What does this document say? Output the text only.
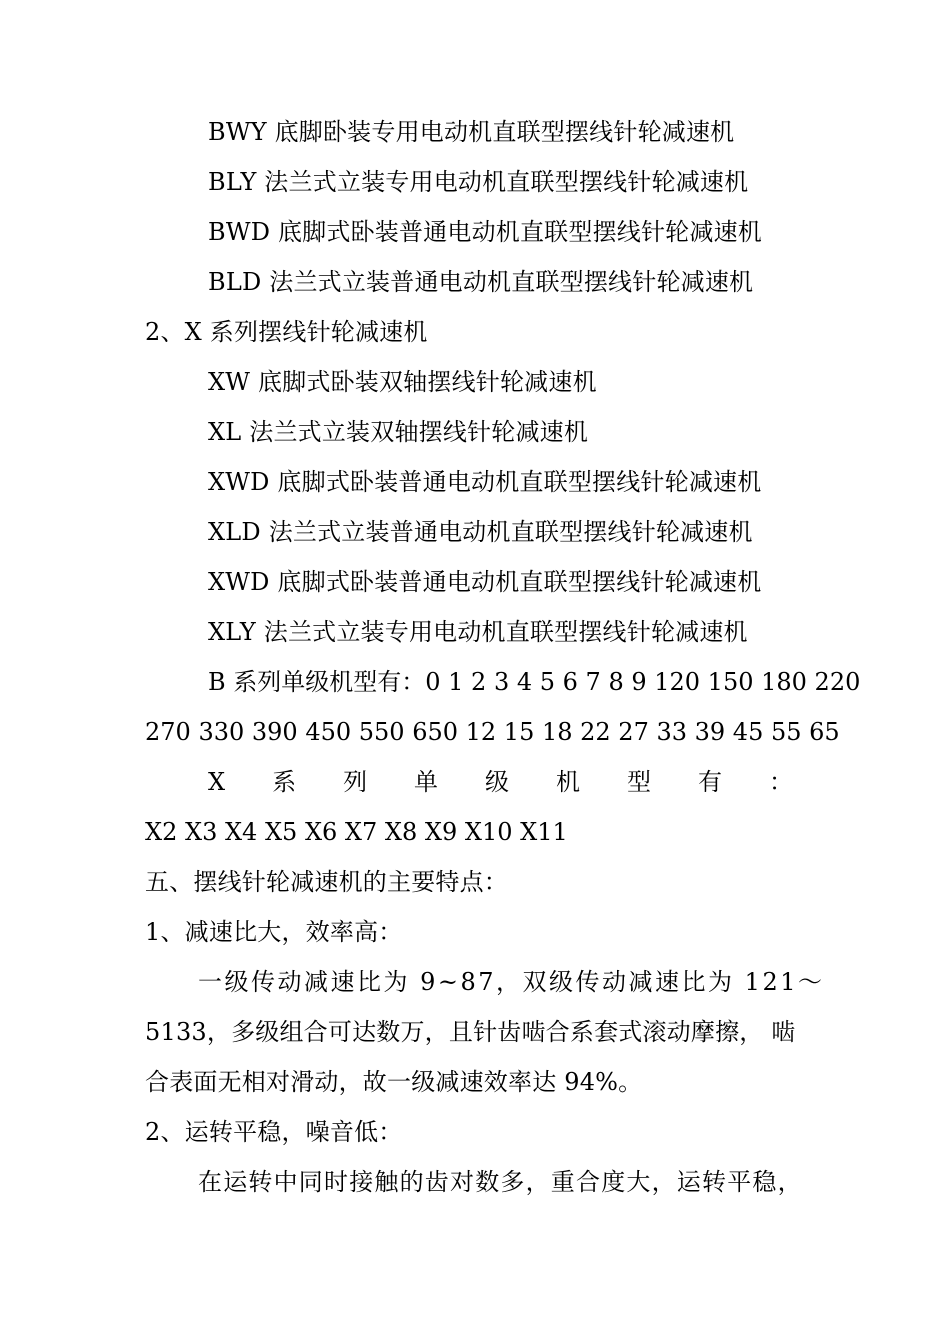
BWY 底脚卧装专用电动机直联型摆线针轮减速机
BLY 法兰式立装专用电动机直联型摆线针轮减速机
BWD 底脚式卧装普通电动机直联型摆线针轮减速机
BLD 法兰式立装普通电动机直联型摆线针轮减速机
2、X 系列摆线针轮减速机
XW 底脚式卧装双轴摆线针轮减速机
XL 法兰式立装双轴摆线针轮减速机
XWD 底脚式卧装普通电动机直联型摆线针轮减速机
XLD 法兰式立装普通电动机直联型摆线针轮减速机
XWD 底脚式卧装普通电动机直联型摆线针轮减速机
XLY 法兰式立装专用电动机直联型摆线针轮减速机
B 系列单级机型有：0 1 2 3 4 5 6 7 8 9 120 150 180 220
270 330 390 450 550 650 12 15 18 22 27 33 39 45 55 65
X 系 列 单 级 机 型 有 ：
X2 X3 X4 X5 X6 X7 X8 X9 X10 X11
五、摆线针轮减速机的主要特点：
1、减速比大，效率高：
一级传动减速比为 9~87，双级传动减速比为 121～
5133，多级组合可达数万，且针齿啮合系套式滚动摩擦， 啮
合表面无相对滑动，故一级减速效率达 94%。
2、运转平稳，噪音低：
在运转中同时接触的齿对数多，重合度大，运转平稳，
